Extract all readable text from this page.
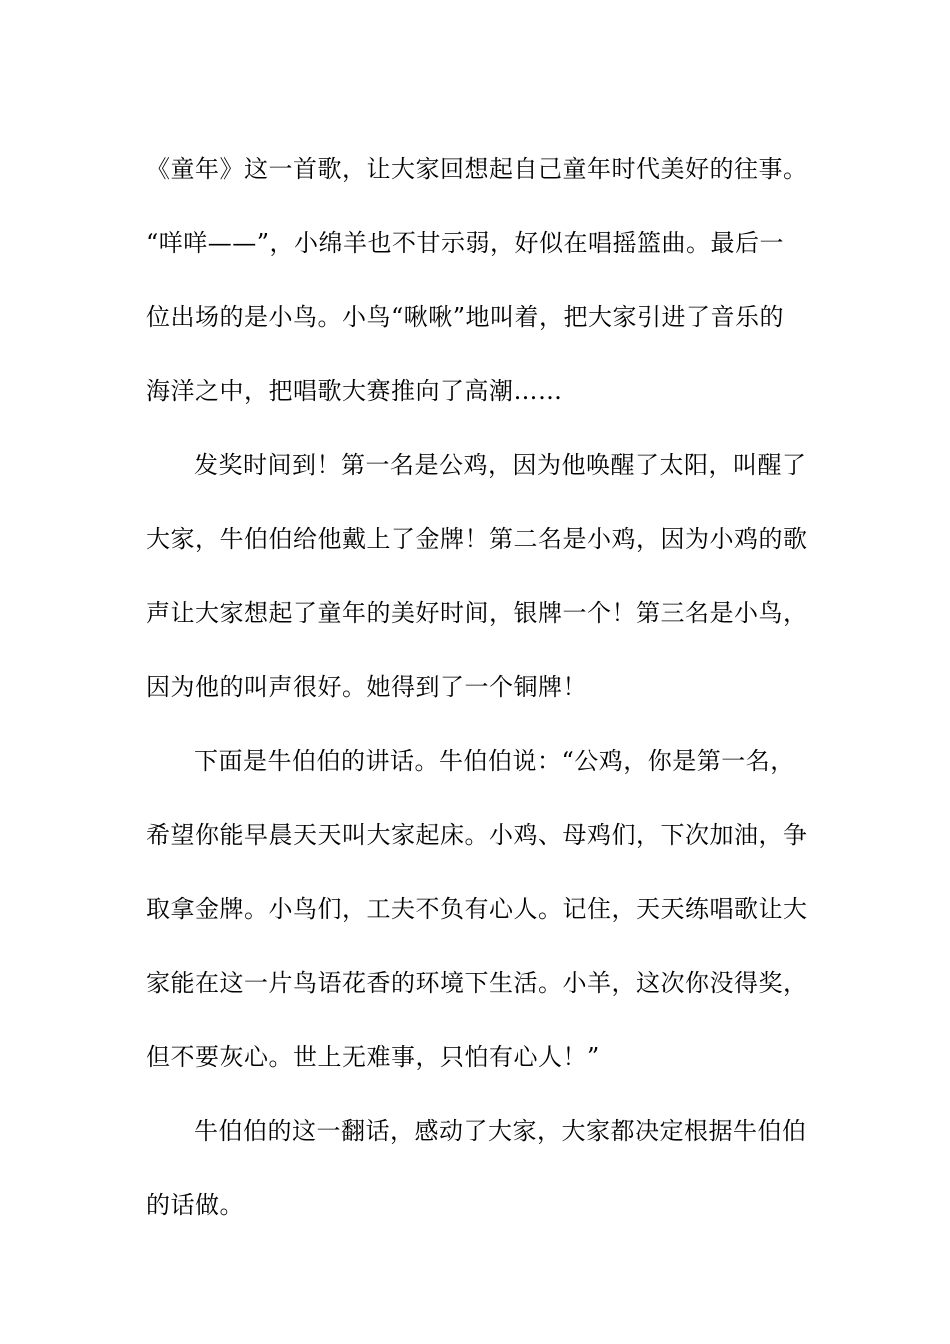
《童年》这一首歌，让大家回想起自己童年时代美好的往事。
“咩咩——”，小绵羊也不甘示弱，好似在唱摇篮曲。最后一
位出场的是小鸟。小鸟“啾啾”地叫着，把大家引进了音乐的
海洋之中，把唱歌大赛推向了高潮……
发奖时间到！第一名是公鸡，因为他唤醒了太阳，叫醒了
大家，牛伯伯给他戴上了金牌！第二名是小鸡，因为小鸡的歌
声让大家想起了童年的美好时间，银牌一个！第三名是小鸟，
因为他的叫声很好。她得到了一个铜牌！
下面是牛伯伯的讲话。牛伯伯说：“公鸡，你是第一名，
希望你能早晨天天叫大家起床。小鸡、母鸡们，下次加油，争
取拿金牌。小鸟们，工夫不负有心人。记住，天天练唱歌让大
家能在这一片鸟语花香的环境下生活。小羊，这次你没得奖，
但不要灰心。世上无难事，只怕有心人！”
牛伯伯的这一翻话，感动了大家，大家都决定根据牛伯伯
的话做。
